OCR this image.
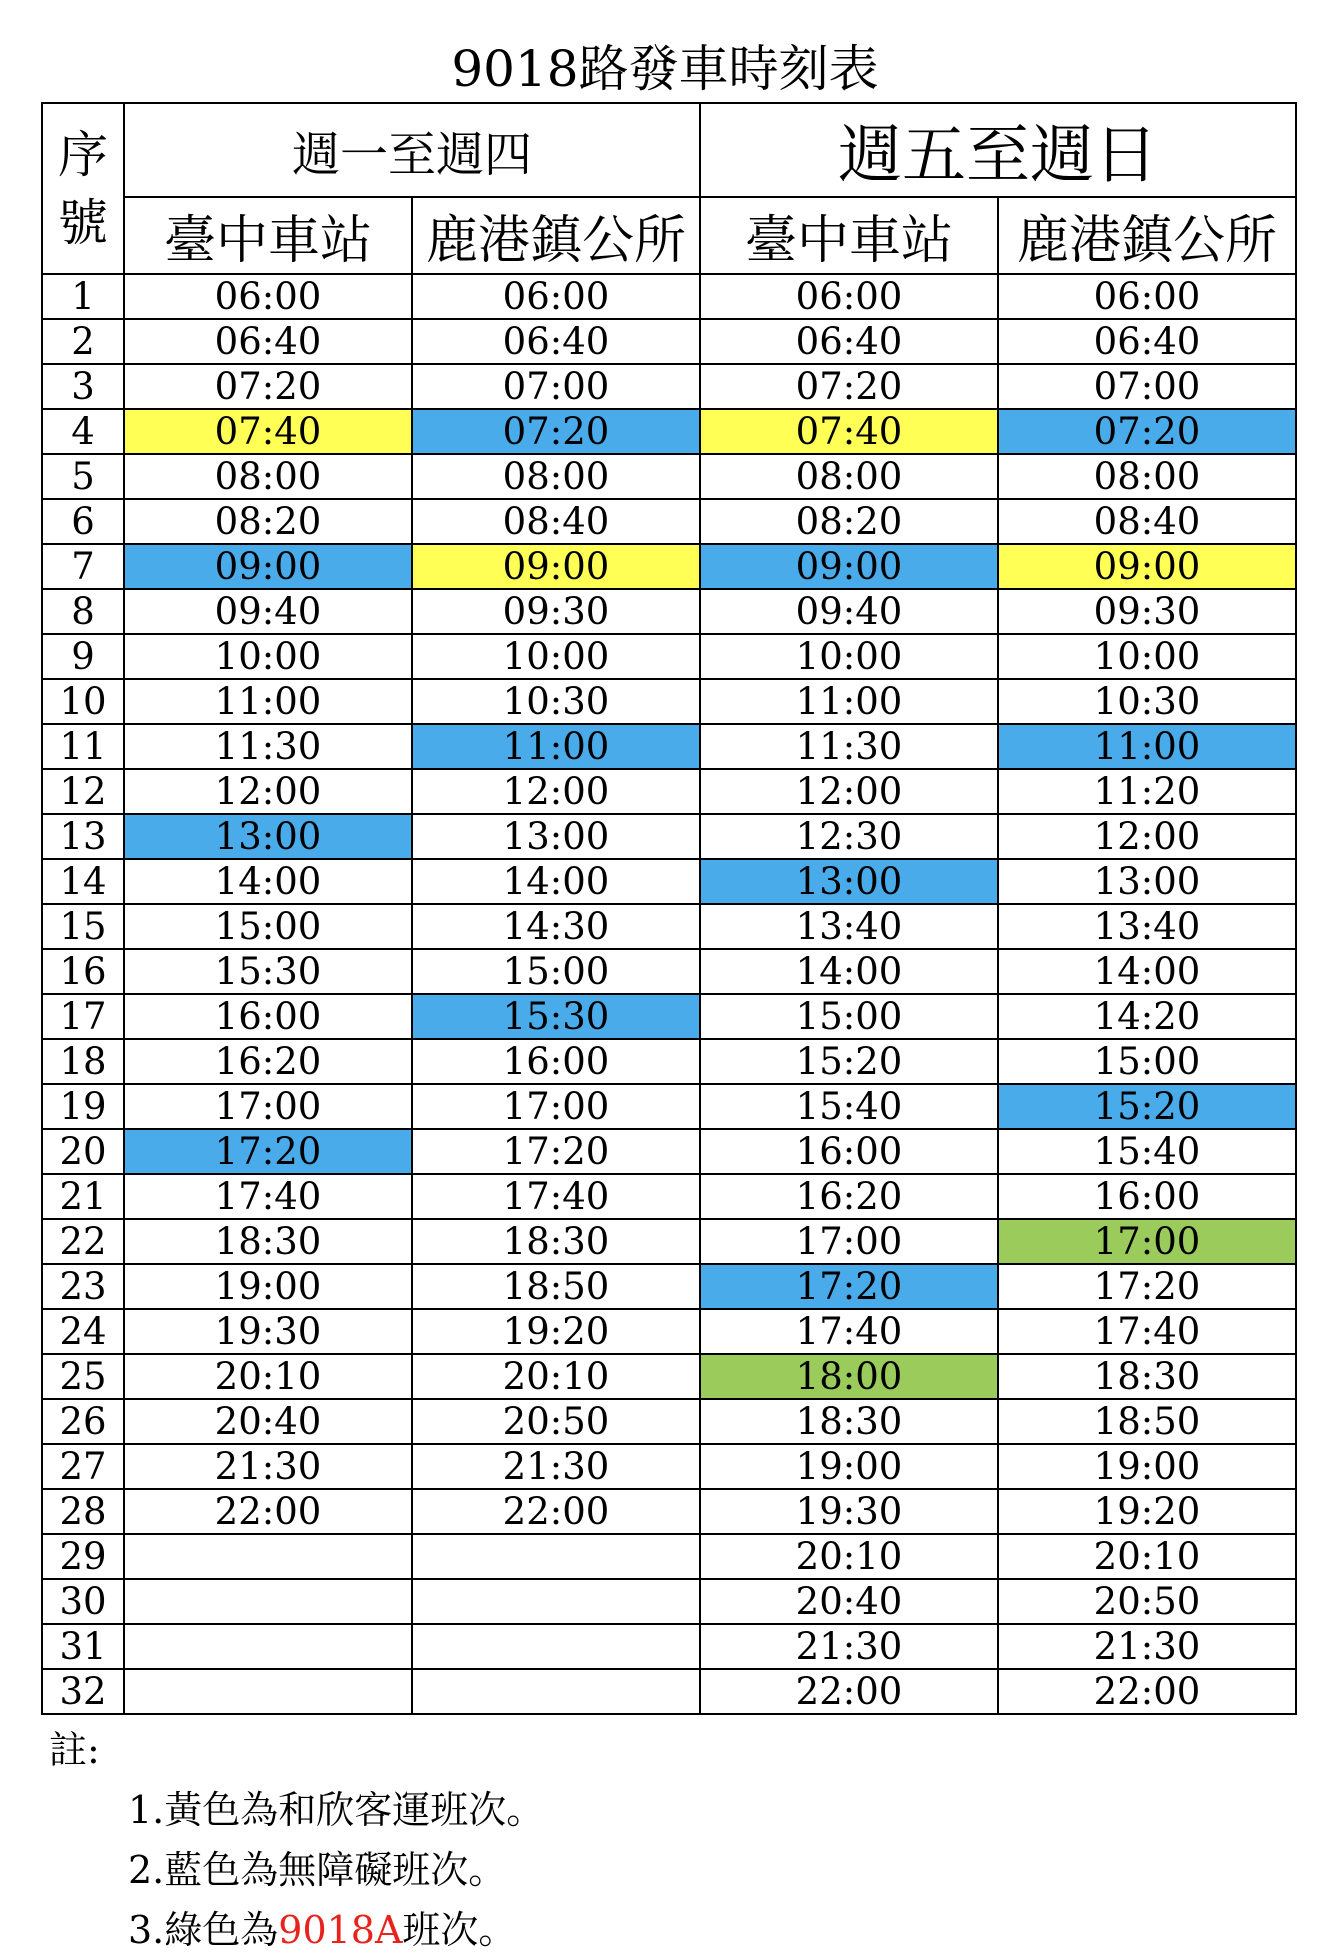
9018路發車時刻表
序號	週一至週四		週五至週日	
	臺中車站	鹿港鎮公所	臺中車站	鹿港鎮公所
1	06:00	06:00	06:00	06:00
2	06:40	06:40	06:40	06:40
3	07:20	07:00	07:20	07:00
4	07:40	07:20	07:40	07:20
5	08:00	08:00	08:00	08:00
6	08:20	08:40	08:20	08:40
7	09:00	09:00	09:00	09:00
8	09:40	09:30	09:40	09:30
9	10:00	10:00	10:00	10:00
10	11:00	10:30	11:00	10:30
11	11:30	11:00	11:30	11:00
12	12:00	12:00	12:00	11:20
13	13:00	13:00	12:30	12:00
14	14:00	14:00	13:00	13:00
15	15:00	14:30	13:40	13:40
16	15:30	15:00	14:00	14:00
17	16:00	15:30	15:00	14:20
18	16:20	16:00	15:20	15:00
19	17:00	17:00	15:40	15:20
20	17:20	17:20	16:00	15:40
21	17:40	17:40	16:20	16:00
22	18:30	18:30	17:00	17:00
23	19:00	18:50	17:20	17:20
24	19:30	19:20	17:40	17:40
25	20:10	20:10	18:00	18:30
26	20:40	20:50	18:30	18:50
27	21:30	21:30	19:00	19:00
28	22:00	22:00	19:30	19:20
29			20:10	20:10
30			20:40	20:50
31			21:30	21:30
32			22:00	22:00
註:
1.黃色為和欣客運班次。
2.藍色為無障礙班次。
3.綠色為9018A班次。
